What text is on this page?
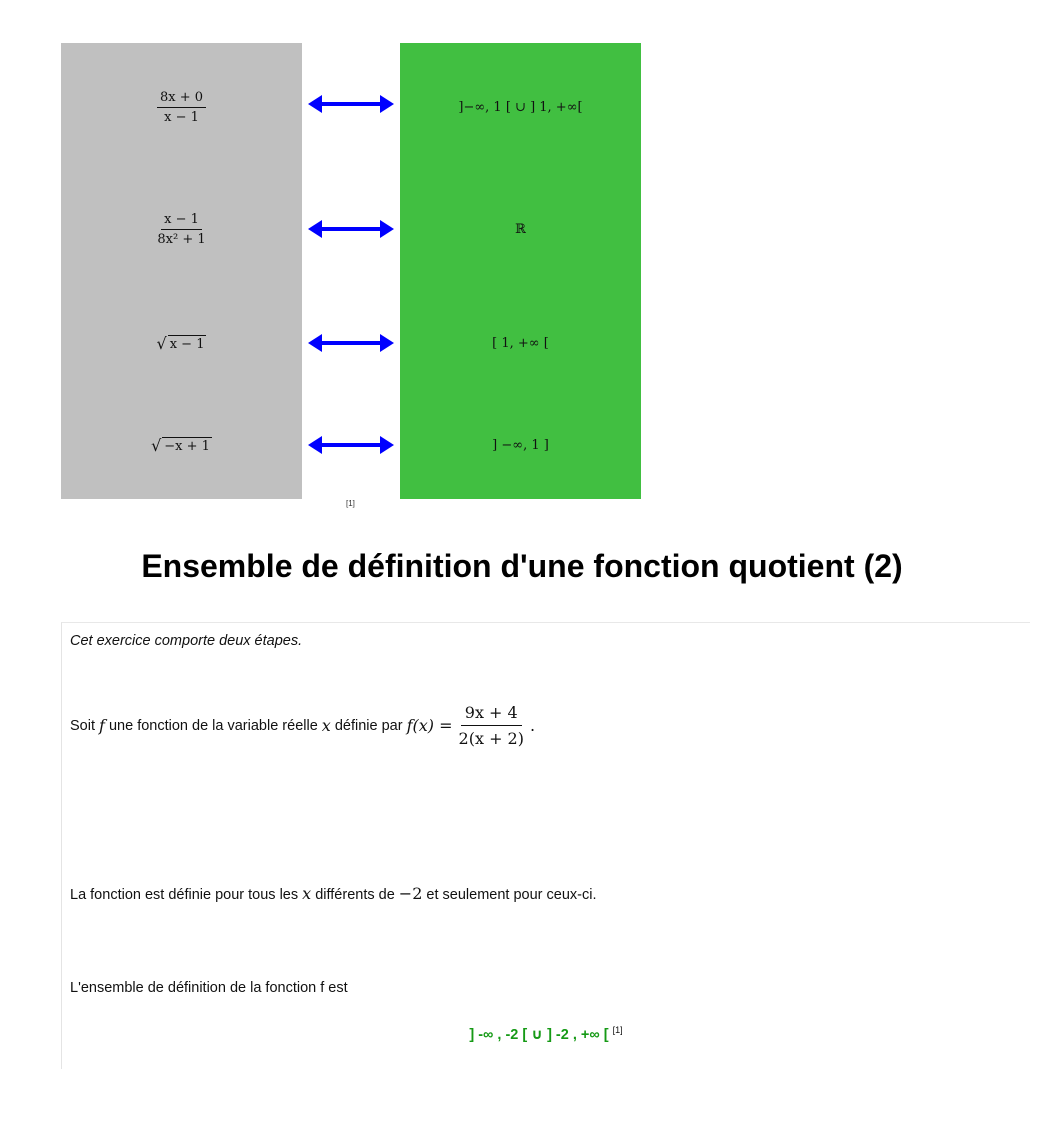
$\frac{8x + 0}{x - 1}$
$\frac{x - 1}{\text{8x² + 1}}$
√ x − 1
√ −x + 1
]−∞, 1 [ ∪ ] 1, +∞[
ℝ
[ 1, +∞ [
] −∞, 1 ]
[1]
Ensemble de définition d'une fonction quotient (2)

Cet exercice comporte deux étapes.

Soit
f
une fonction de la variable réelle
x
définie par
$f(x) = \frac{9x + 4}{2(x + 2)}$ .

La fonction est définie pour tous les x différents de −2 et seulement pour ceux-ci.

L'ensemble de définition de la fonction f est

] -∞ , -2 [ ∪ ] -2 , +∞ [ [1]
